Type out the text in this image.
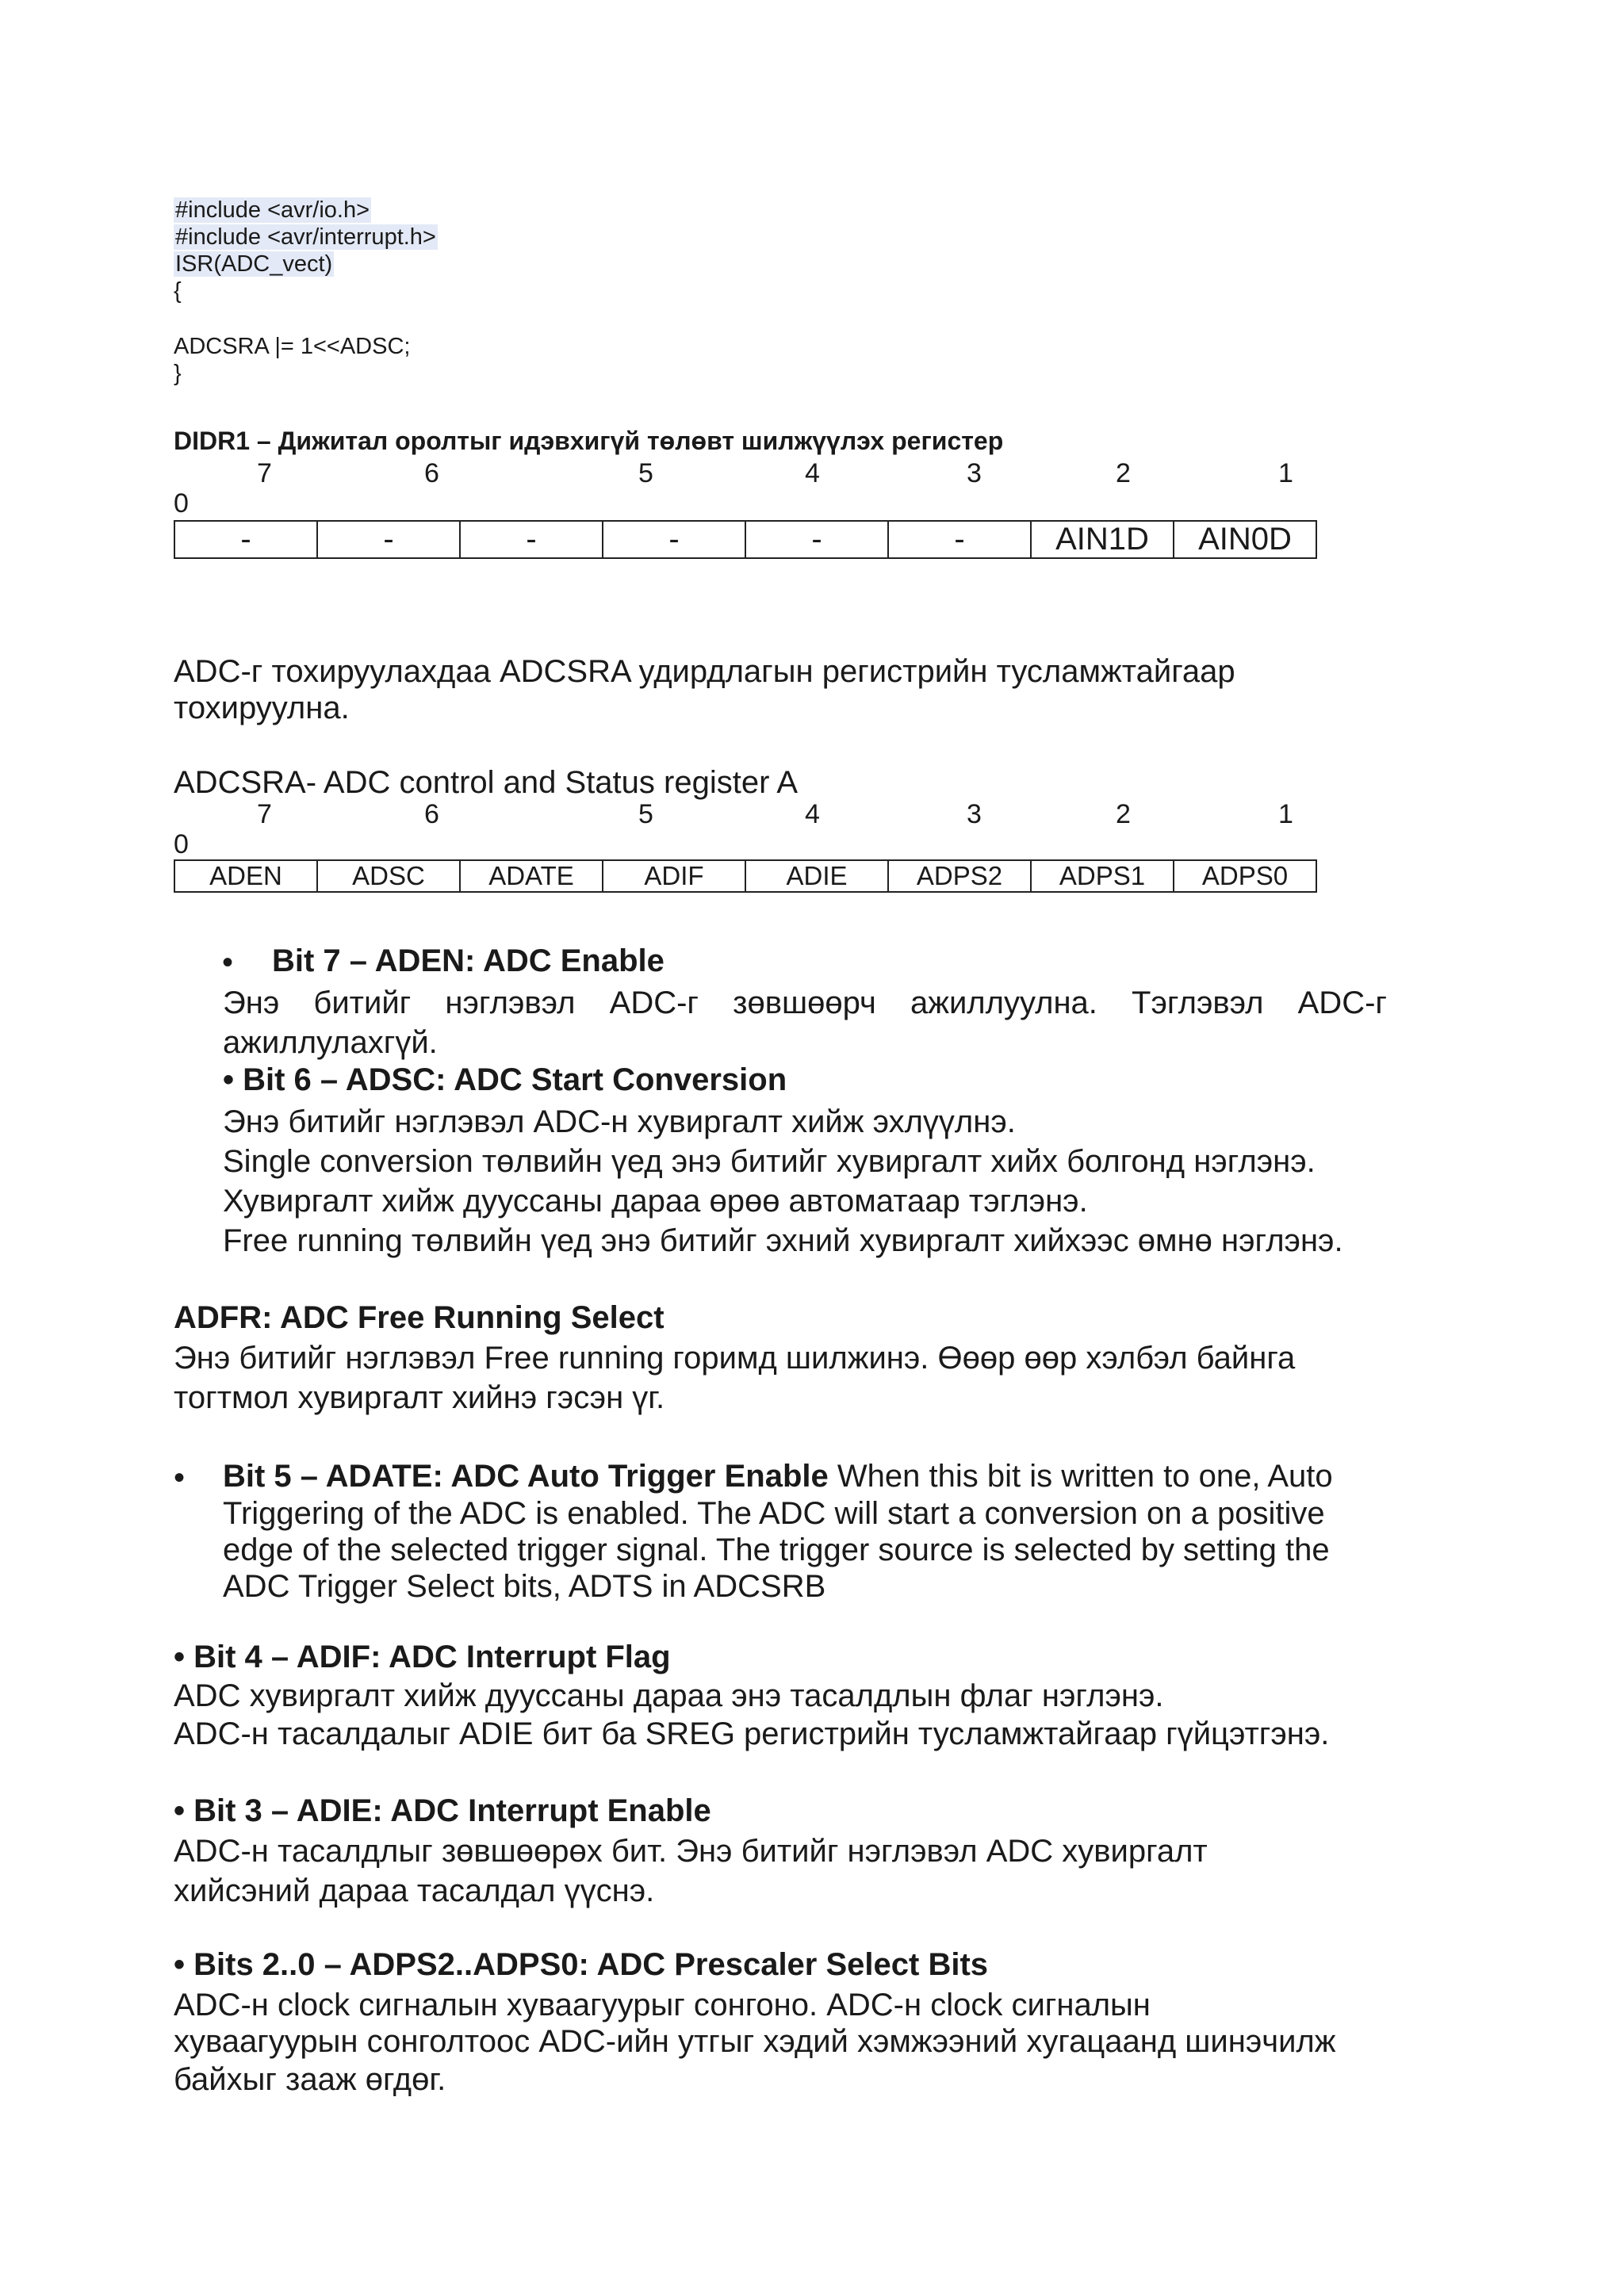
#include <avr/io.h>
#include <avr/interrupt.h>
ISR(ADC_vect)
{
ADCSRA |= 1<<ADSC;
}
DIDR1 – Дижитал оролтыг идэвхигүй төлөвт шилжүүлэх регистер
7	6	5	4	3	2	1
0
-	-	-	-	-	-	AIN1D	AIN0D
ADC-г тохируулахдаа ADCSRA удирдлагын регистрийн тусламжтайгаар тохируулна.
ADCSRA- ADC control and Status register A
7	6	5	4	3	2	1
0
ADEN	ADSC	ADATE	ADIF	ADIE	ADPS2	ADPS1	ADPS0
• Bit 7 – ADEN: ADC Enable
Энэ битийг нэглэвэл ADC-г зөвшөөрч ажиллуулна. Тэглэвэл ADC-г ажиллулахгүй.
• Bit 6 – ADSC: ADC Start Conversion
Энэ битийг нэглэвэл ADC-н хувиргалт хийж эхлүүлнэ.
Single conversion төлвийн үед энэ битийг хувиргалт хийх болгонд нэглэнэ.
Хувиргалт хийж дууссаны дараа өрөө автоматаар тэглэнэ.
Free running төлвийн үед энэ битийг эхний хувиргалт хийхээс өмнө нэглэнэ.
ADFR: ADC Free Running Select
Энэ битийг нэглэвэл Free running горимд шилжинэ. Өөөр өөр хэлбэл байнга
тогтмол хувиргалт хийнэ гэсэн үг.
• Bit 5 – ADATE: ADC Auto Trigger Enable When this bit is written to one, Auto
Triggering of the ADC is enabled. The ADC will start a conversion on a positive
edge of the selected trigger signal. The trigger source is selected by setting the
ADC Trigger Select bits, ADTS in ADCSRB
• Bit 4 – ADIF: ADC Interrupt Flag
ADC хувиргалт хийж дууссаны дараа энэ тасалдлын флаг нэглэнэ.
ADC-н тасалдалыг ADIE бит ба SREG регистрийн тусламжтайгаар гүйцэтгэнэ.
• Bit 3 – ADIE: ADC Interrupt Enable
ADC-н тасалдлыг зөвшөөрөх бит. Энэ битийг нэглэвэл ADC хувиргалт
хийсэний дараа тасалдал үүснэ.
• Bits 2..0 – ADPS2..ADPS0: ADC Prescaler Select Bits
ADC-н clock сигналын хуваагуурыг сонгоно. ADC-н clock сигналын
хуваагуурын сонголтоос ADC-ийн утгыг хэдий хэмжээний хугацаанд шинэчилж
байхыг зааж өгдөг.
